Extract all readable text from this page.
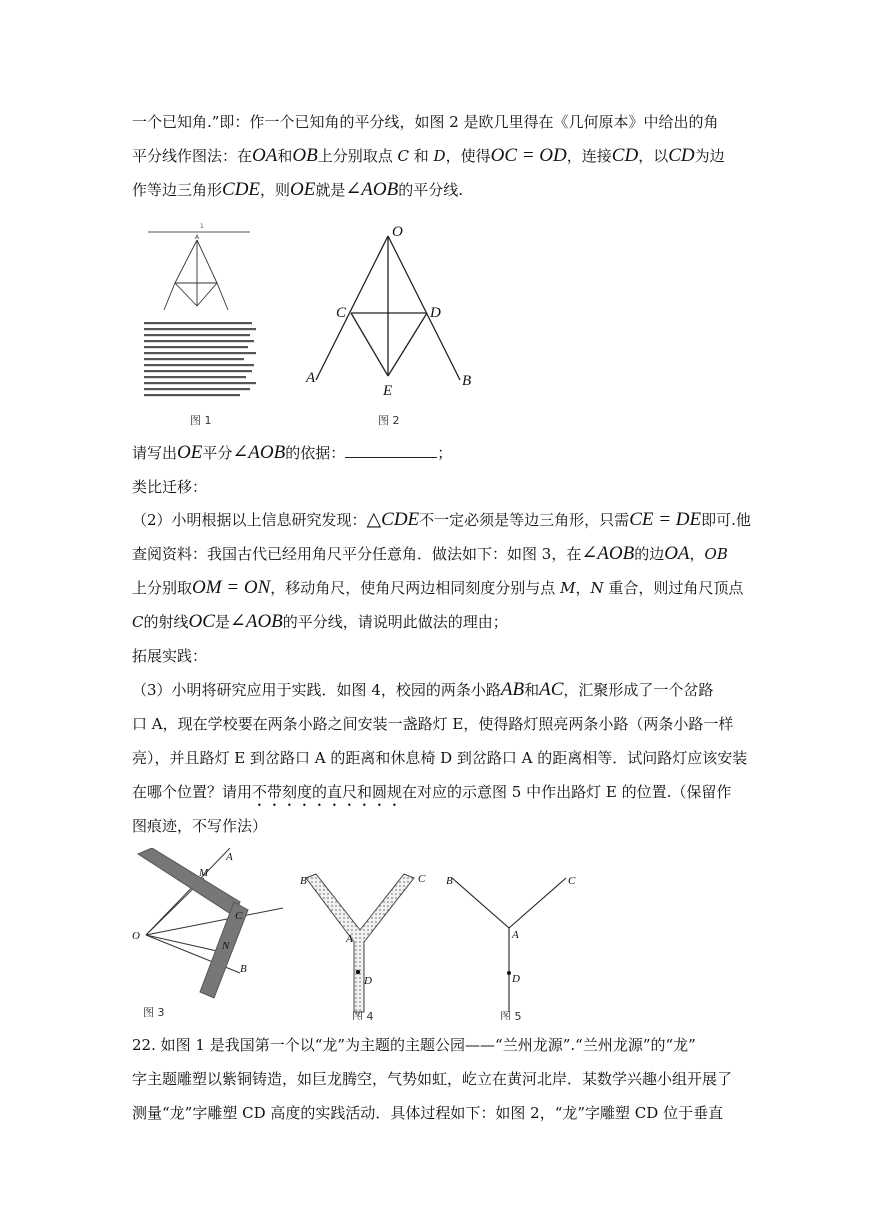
一个已知角.”即：作一个已知角的平分线，如图 2 是欧几里得在《几何原本》中给出的角
平分线作图法：在OA和OB上分别取点 C 和 D，使得OC = OD，连接CD，以CD为边
作等边三角形CDE，则OE就是∠AOB的平分线.
1
A
图 1
O
C	D
A
E
B
图 2
请写出OE平分∠AOB的依据：	；
类比迁移：
（2）小明根据以上信息研究发现：△CDE不一定必须是等边三角形，只需CE = DE即可.他
查阅资料：我国古代已经用角尺平分任意角．做法如下：如图 3，在∠AOB的边OA，OB
上分别取OM = ON，移动角尺，使角尺两边相同刻度分别与点 M，N 重合，则过角尺顶点
C的射线OC是∠AOB的平分线，请说明此做法的理由；
拓展实践：
（3）小明将研究应用于实践．如图 4，校园的两条小路AB和AC，汇聚形成了一个岔路
口 A，现在学校要在两条小路之间安装一盏路灯 E，使得路灯照亮两条小路（两条小路一样
亮），并且路灯 E 到岔路口 A 的距离和休息椅 D 到岔路口 A 的距离相等．试问路灯应该安装
在哪个位置？请用不带刻度的直尺和圆规在对应的示意图 5 中作出路灯 E 的位置.（保留作
图痕迹，不写作法）
A
M
C
O
N
B
图 3
B	C
A
D
图 4
B	C
A
D
图 5
22. 如图 1 是我国第一个以“龙”为主题的主题公园——“兰州龙源”.“兰州龙源”的“龙”
字主题雕塑以紫铜铸造，如巨龙腾空，气势如虹，屹立在黄河北岸．某数学兴趣小组开展了
测量“龙”字雕塑 CD 高度的实践活动．具体过程如下：如图 2，“龙”字雕塑 CD 位于垂直
